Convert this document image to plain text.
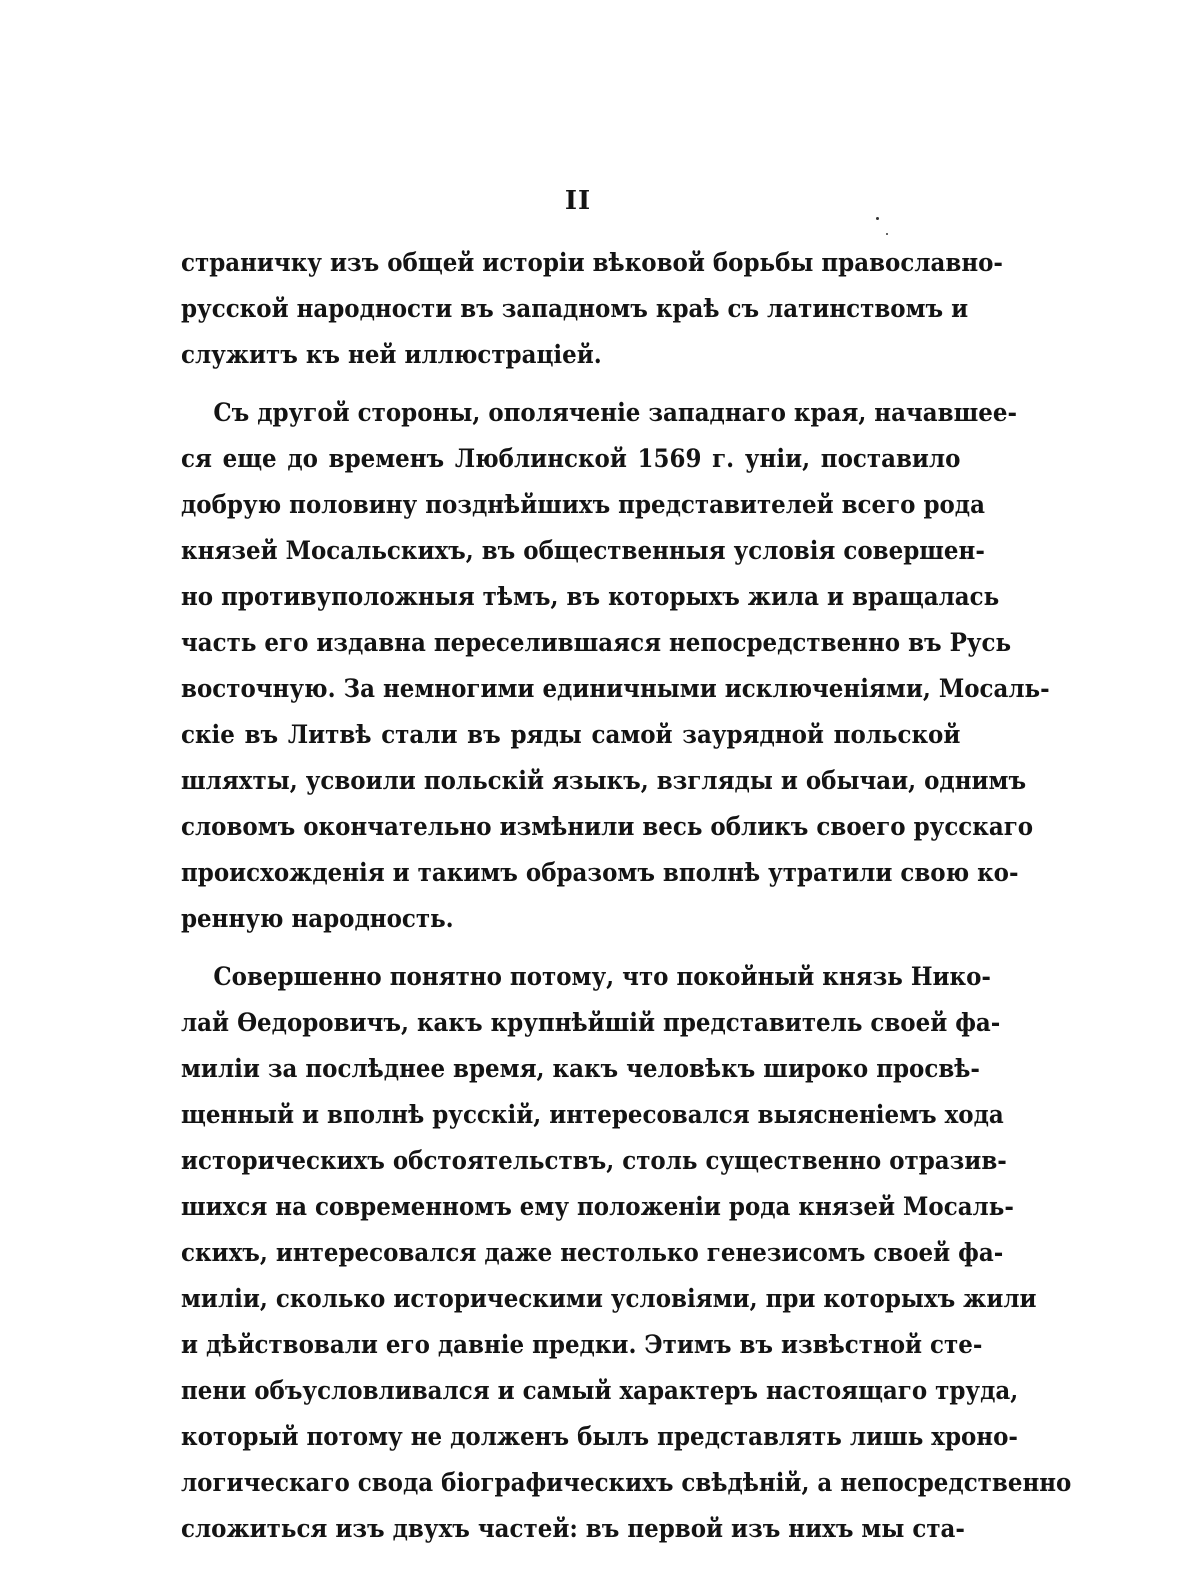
II
страничку изъ общей исторіи вѣковой борьбы православно-
русской народности въ западномъ краѣ съ латинствомъ и
служитъ къ ней иллюстраціей.
Съ другой стороны, ополяченіе западнаго края, начавшее-
ся еще до временъ Люблинской 1569 г. уніи, поставило
добрую половину позднѣйшихъ представителей всего рода
князей Мосальскихъ, въ общественныя условія совершен-
но противуположныя тѣмъ, въ которыхъ жила и вращалась
часть его издавна переселившаяся непосредственно въ Русь
восточную. За немногими единичными исключеніями, Мосаль-
скіе въ Литвѣ стали въ ряды самой заурядной польской
шляхты, усвоили польскій языкъ, взгляды и обычаи, однимъ
словомъ окончательно измѣнили весь обликъ своего русскаго
происхожденія и такимъ образомъ вполнѣ утратили свою ко-
ренную народность.
Совершенно понятно потому, что покойный князь Нико-
лай Ѳедоровичъ, какъ крупнѣйшій представитель своей фа-
миліи за послѣднее время, какъ человѣкъ широко просвѣ-
щенный и вполнѣ русскій, интересовался выясненіемъ хода
историческихъ обстоятельствъ, столь существенно отразив-
шихся на современномъ ему положеніи рода князей Мосаль-
скихъ, интересовался даже нестолько генезисомъ своей фа-
миліи, сколько историческими условіями, при которыхъ жили
и дѣйствовали его давніе предки. Этимъ въ извѣстной сте-
пени объусловливался и самый характеръ настоящаго труда,
который потому не долженъ былъ представлять лишь хроно-
логическаго свода біографическихъ свѣдѣній, а непосредственно
сложиться изъ двухъ частей: въ первой изъ нихъ мы ста-
